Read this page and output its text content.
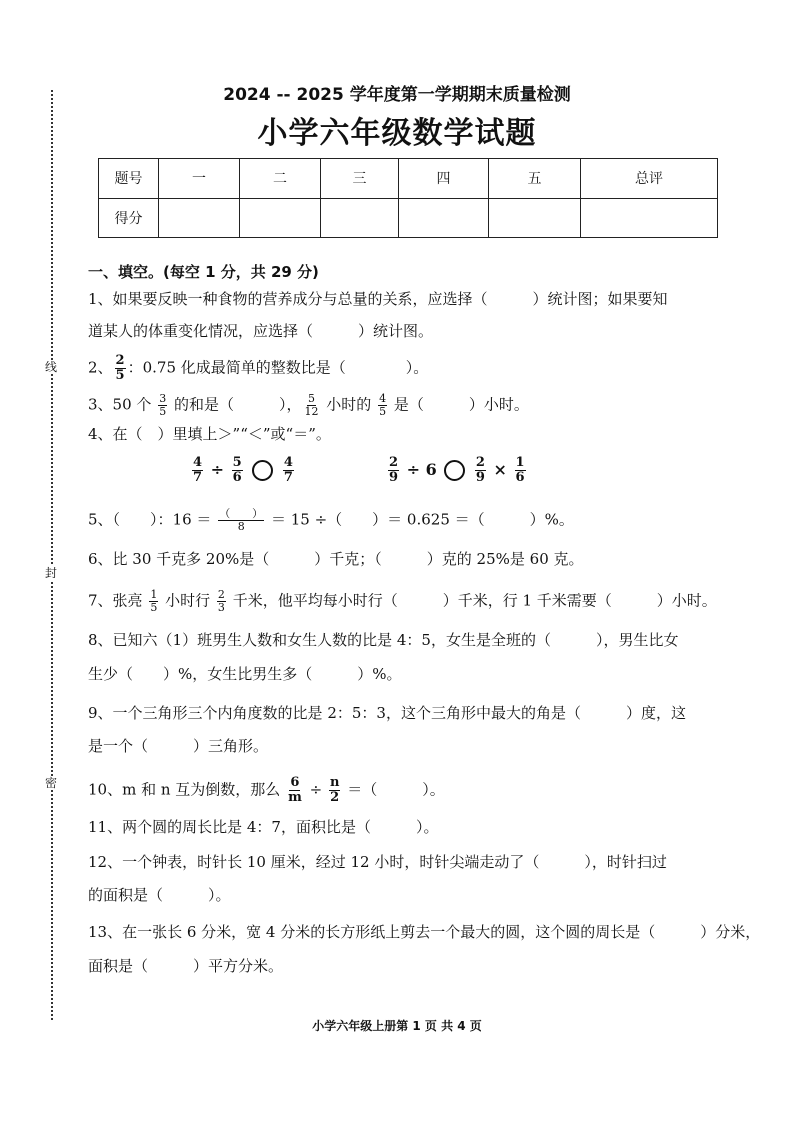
线
封
密
2024 -- 2025 学年度第一学期期末质量检测
小学六年级数学试题
题号	一	二	三	四	五	总评
得分						
一、填空。(每空 1 分，共 29 分)
1、如果要反映一种食物的营养成分与总量的关系，应选择（　　　）统计图；如果要知
道某人的体重变化情况，应选择（　　　）统计图。
2、 $\frac{2}{5}$ ：0.75 化成最简单的整数比是（　　　　）。
3、50 个 $\frac{3}{5}$ 的和是（　　　）， $\frac{5}{12}$ 小时的 $\frac{4}{5}$ 是（　　　）小时。
4、在（　）里填上＞”“＜”或“＝”。
$\frac{4}{7} \div \frac{5}{6}$
	$\frac{4}{7}$	$\frac{2}{9} \div 6$	$\frac{2}{9} \times \frac{1}{6}$
5、（　　）：$16 = \frac{( )}{8} = 15$ ÷（　　）＝ 0.625 ＝（　　　）%。
6、比 30 千克多 20%是（　　　）千克；（　　　）克的 25%是 60 克。
7、张亮 $\frac{1}{5}$ 小时行 $\frac{2}{3}$ 千米，他平均每小时行（　　　）千米，行 1 千米需要（　　　）小时。
8、已知六（1）班男生人数和女生人数的比是 4：5，女生是全班的（　　　），男生比女
生少（　　）%，女生比男生多（　　　）%。
9、一个三角形三个内角度数的比是 2：5：3，这个三角形中最大的角是（　　　）度，这
是一个（　　　）三角形。
10、m 和 n 互为倒数，那么 $\frac{6}{m} \div \frac{n}{2}$ ＝（　　　）。
11、两个圆的周长比是 4：7，面积比是（　　　）。
12、一个钟表，时针长 10 厘米，经过 12 小时，时针尖端走动了（　　　），时针扫过
的面积是（　　　）。
13、在一张长 6 分米，宽 4 分米的长方形纸上剪去一个最大的圆，这个圆的周长是（　　　）分米，
面积是（　　　）平方分米。
小学六年级上册第 1 页 共 4 页
